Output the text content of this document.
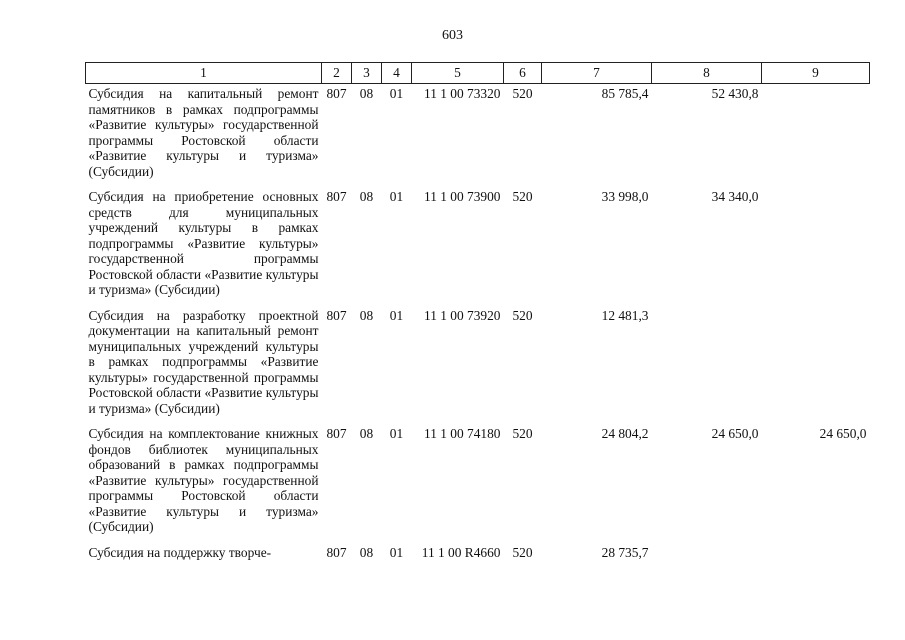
603
1	2	3	4	5	6	7	8	9
Субсидия на капитальный ремонт памятников в рамках подпрограммы «Развитие культуры» государственной программы Ростовской области «Развитие культуры и туризма» (Субсидии)	807	08	01	11 1 00 73320	520	85 785,4	52 430,8	
Субсидия на приобретение основных средств для муниципальных учреждений культуры в рамках подпрограммы «Развитие культуры» государственной программы Ростовской области «Развитие культуры и туризма» (Субсидии)	807	08	01	11 1 00 73900	520	33 998,0	34 340,0	
Субсидия на разработку проектной документации на капитальный ремонт муниципальных учреждений культуры в рамках подпрограммы «Развитие культуры» государственной программы Ростовской области «Развитие культуры и туризма» (Субсидии)	807	08	01	11 1 00 73920	520	12 481,3		
Субсидия на комплектование книжных фондов библиотек муниципальных образований в рамках подпрограммы «Развитие культуры» государственной программы Ростовской области «Развитие культуры и туризма» (Субсидии)	807	08	01	11 1 00 74180	520	24 804,2	24 650,0	24 650,0
Субсидия на поддержку творче-	807	08	01	11 1 00 R4660	520	28 735,7		
